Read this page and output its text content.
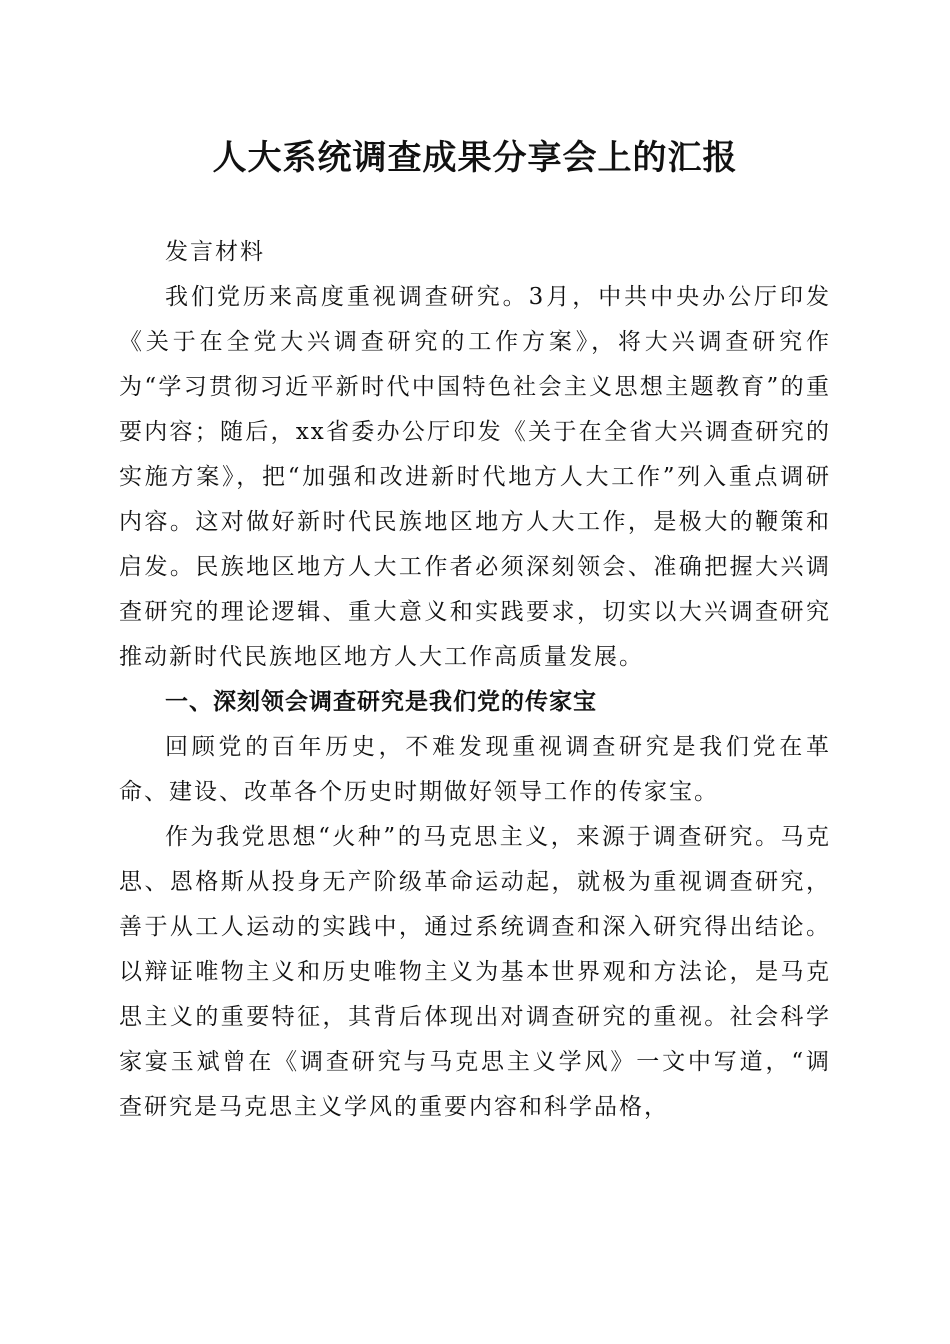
人大系统调查成果分享会上的汇报

发言材料

我们党历来高度重视调查研究。3月，中共中央办公厅印发《关于在全党大兴调查研究的工作方案》，将大兴调查研究作为“学习贯彻习近平新时代中国特色社会主义思想主题教育”的重要内容；随后，xx省委办公厅印发《关于在全省大兴调查研究的实施方案》，把“加强和改进新时代地方人大工作”列入重点调研内容。这对做好新时代民族地区地方人大工作，是极大的鞭策和启发。民族地区地方人大工作者必须深刻领会、准确把握大兴调查研究的理论逻辑、重大意义和实践要求，切实以大兴调查研究推动新时代民族地区地方人大工作高质量发展。

一、深刻领会调查研究是我们党的传家宝

回顾党的百年历史，不难发现重视调查研究是我们党在革命、建设、改革各个历史时期做好领导工作的传家宝。

作为我党思想“火种”的马克思主义，来源于调查研究。马克思、恩格斯从投身无产阶级革命运动起，就极为重视调查研究，善于从工人运动的实践中，通过系统调查和深入研究得出结论。以辩证唯物主义和历史唯物主义为基本世界观和方法论，是马克思主义的重要特征，其背后体现出对调查研究的重视。社会科学家宴玉斌曾在《调查研究与马克思主义学风》一文中写道，“调查研究是马克思主义学风的重要内容和科学品格，
